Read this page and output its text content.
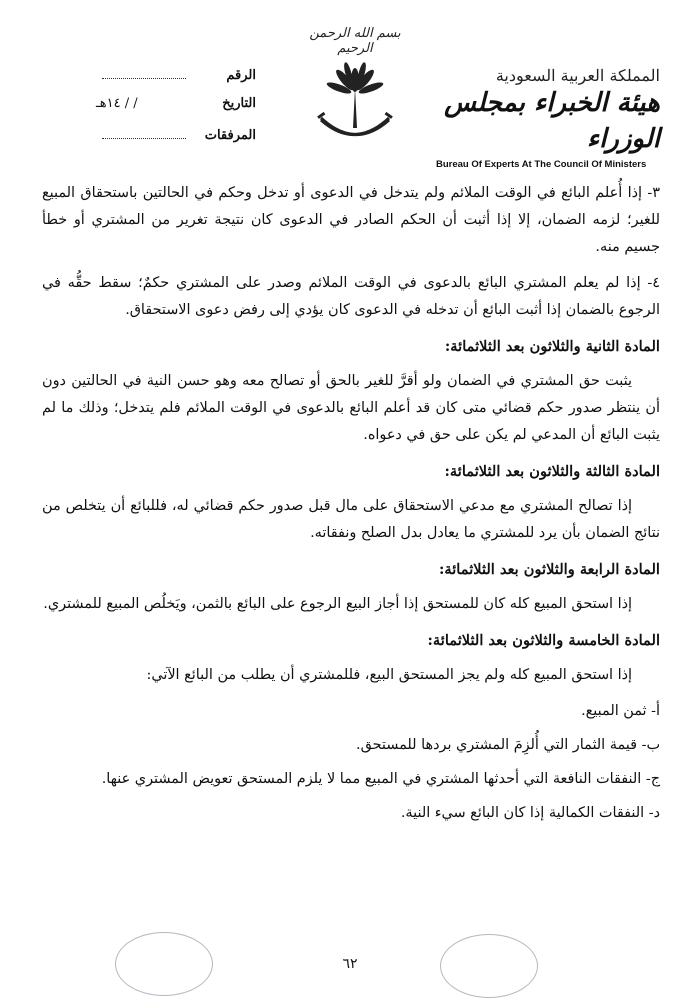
بسم الله الرحمن الرحيم
الرقم
التاريخ
/ / ١٤هـ
المرفقات
المملكة العربية السعودية
هيئة الخبراء بمجلس الوزراء
Bureau Of Experts At The Council Of Ministers

٣- إذا أُعلم البائع في الوقت الملائم ولم يتدخل في الدعوى أو تدخل وحكم في الحالتين باستحقاق المبيع للغير؛ لزمه الضمان، إلا إذا أثبت أن الحكم الصادر في الدعوى كان نتيجة تغرير من المشتري أو خطأ جسيم منه.

٤- إذا لم يعلم المشتري البائع بالدعوى في الوقت الملائم وصدر على المشتري حكمٌ؛ سقط حقُّه في الرجوع بالضمان إذا أثبت البائع أن تدخله في الدعوى كان يؤدي إلى رفض دعوى الاستحقاق.

المادة الثانية والثلاثون بعد الثلاثمائة:

يثبت حق المشتري في الضمان ولو أقرَّ للغير بالحق أو تصالح معه وهو حسن النية في الحالتين دون أن ينتظر صدور حكم قضائي متى كان قد أعلم البائع بالدعوى في الوقت الملائم فلم يتدخل؛ وذلك ما لم يثبت البائع أن المدعي لم يكن على حق في دعواه.

المادة الثالثة والثلاثون بعد الثلاثمائة:

إذا تصالح المشتري مع مدعي الاستحقاق على مال قبل صدور حكم قضائي له، فللبائع أن يتخلص من نتائج الضمان بأن يرد للمشتري ما يعادل بدل الصلح ونفقاته.

المادة الرابعة والثلاثون بعد الثلاثمائة:

إذا استحق المبيع كله كان للمستحق إذا أجاز البيع الرجوع على البائع بالثمن، ويَخلُص المبيع للمشتري.

المادة الخامسة والثلاثون بعد الثلاثمائة:

إذا استحق المبيع كله ولم يجز المستحق البيع، فللمشتري أن يطلب من البائع الآتي:

أ- ثمن المبيع.

ب- قيمة الثمار التي أُلزِمَ المشتري بردها للمستحق.

ج- النفقات النافعة التي أحدثها المشتري في المبيع مما لا يلزم المستحق تعويض المشتري عنها.

د- النفقات الكمالية إذا كان البائع سيء النية.

٦٢
